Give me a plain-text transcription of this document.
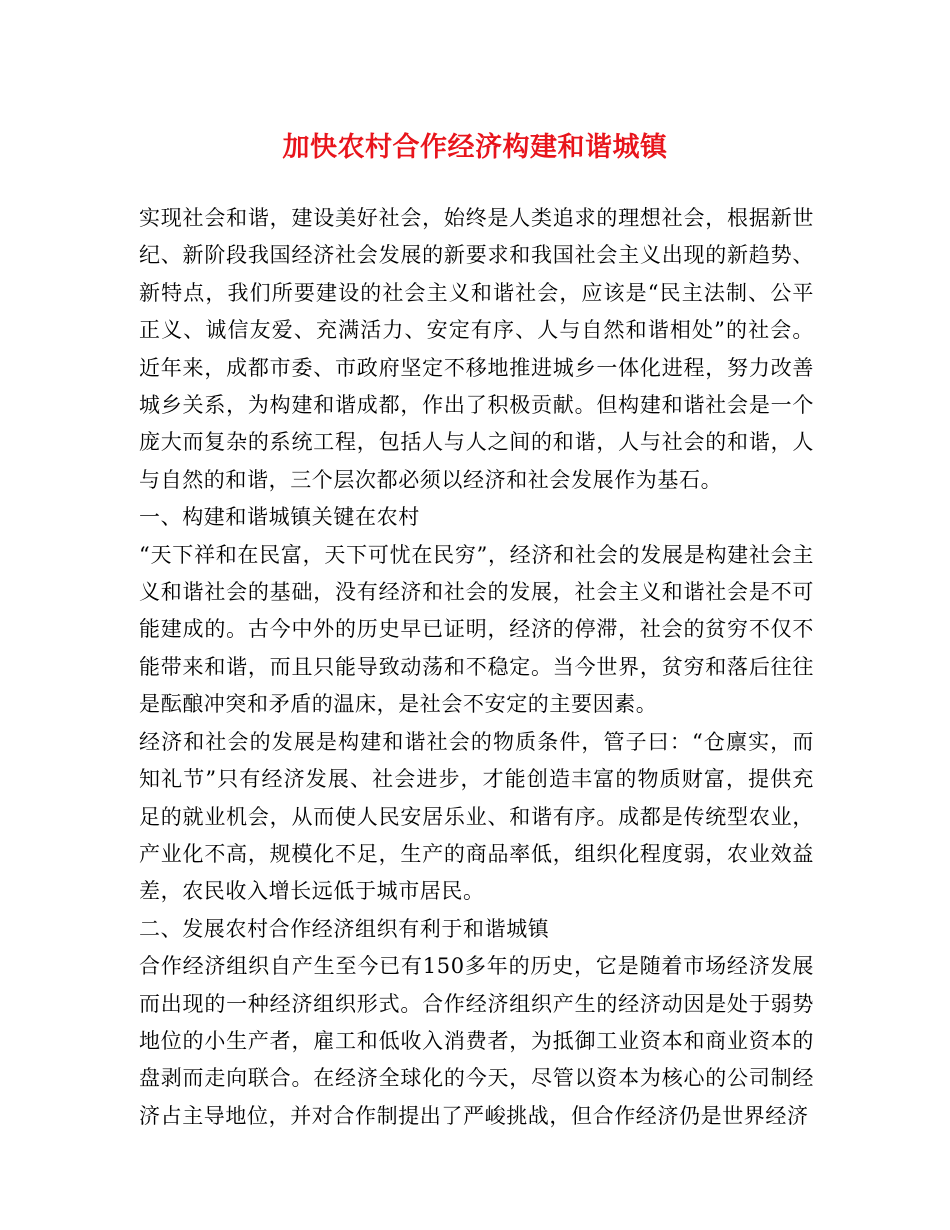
加快农村合作经济构建和谐城镇

实现社会和谐，建设美好社会，始终是人类追求的理想社会，根据新世纪、新阶段我国经济社会发展的新要求和我国社会主义出现的新趋势、新特点，我们所要建设的社会主义和谐社会，应该是“民主法制、公平正义、诚信友爱、充满活力、安定有序、人与自然和谐相处”的社会。近年来，成都市委、市政府坚定不移地推进城乡一体化进程，努力改善城乡关系，为构建和谐成都，作出了积极贡献。但构建和谐社会是一个庞大而复杂的系统工程，包括人与人之间的和谐，人与社会的和谐，人与自然的和谐，三个层次都必须以经济和社会发展作为基石。

一、构建和谐城镇关键在农村

“天下祥和在民富，天下可忧在民穷”，经济和社会的发展是构建社会主义和谐社会的基础，没有经济和社会的发展，社会主义和谐社会是不可能建成的。古今中外的历史早已证明，经济的停滞，社会的贫穷不仅不能带来和谐，而且只能导致动荡和不稳定。当今世界，贫穷和落后往往是酝酿冲突和矛盾的温床，是社会不安定的主要因素。

经济和社会的发展是构建和谐社会的物质条件，管子曰：“仓廪实，而知礼节”只有经济发展、社会进步，才能创造丰富的物质财富，提供充足的就业机会，从而使人民安居乐业、和谐有序。成都是传统型农业，产业化不高，规模化不足，生产的商品率低，组织化程度弱，农业效益差，农民收入增长远低于城市居民。

二、发展农村合作经济组织有利于和谐城镇

合作经济组织自产生至今已有150多年的历史，它是随着市场经济发展而出现的一种经济组织形式。合作经济组织产生的经济动因是处于弱势地位的小生产者，雇工和低收入消费者，为抵御工业资本和商业资本的盘剥而走向联合。在经济全球化的今天，尽管以资本为核心的公司制经济占主导地位，并对合作制提出了严峻挑战，但合作经济仍是世界经济
